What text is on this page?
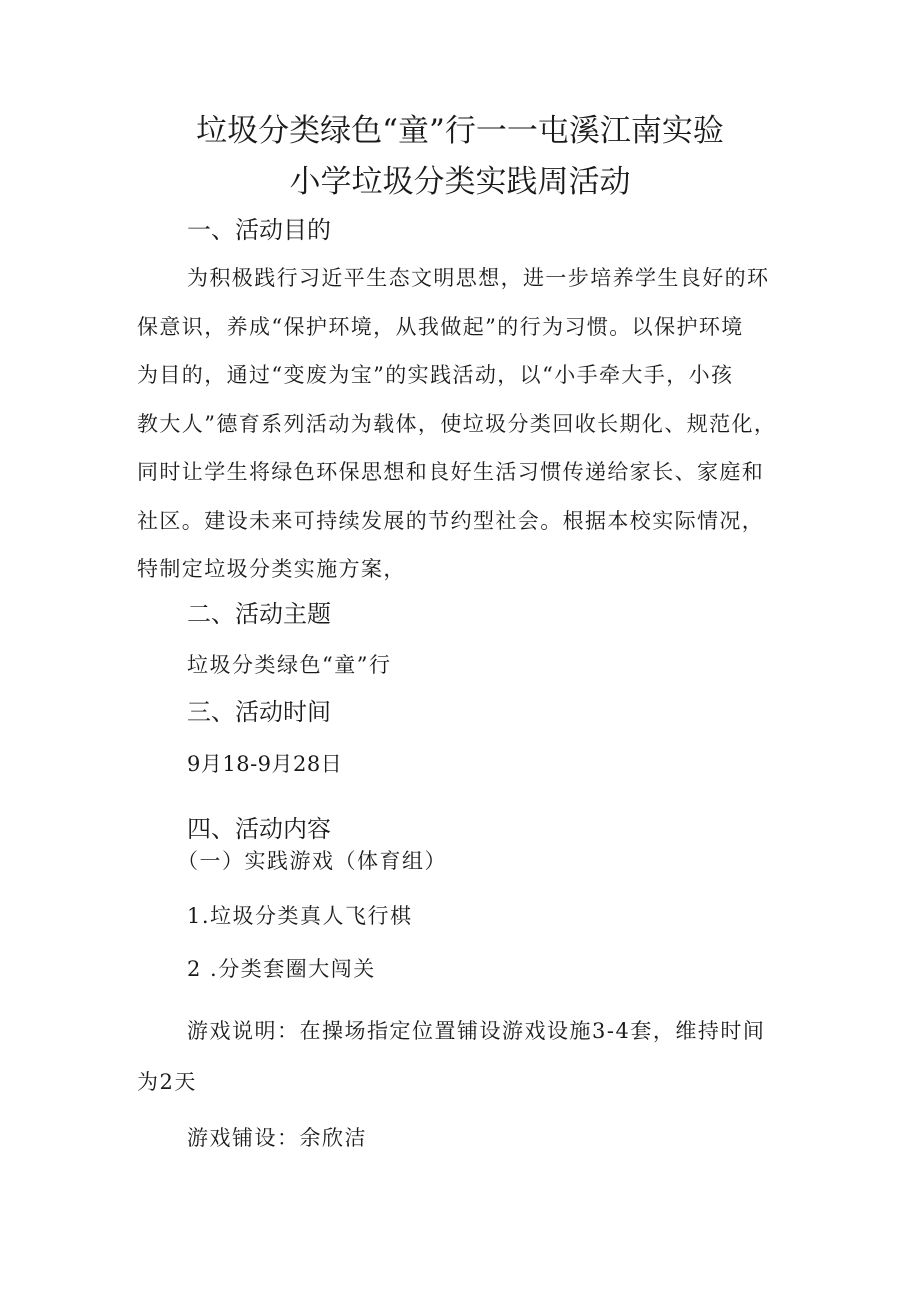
垃圾分类绿色“童”行一一屯溪江南实验
小学垃圾分类实践周活动
一、活动目的
为积极践行习近平生态文明思想，进一步培养学生良好的环
保意识，养成“保护环境，从我做起”的行为习惯。以保护环境
为目的，通过“变废为宝”的实践活动，以“小手牵大手，小孩
教大人”德育系列活动为载体，使垃圾分类回收长期化、规范化，
同时让学生将绿色环保思想和良好生活习惯传递给家长、家庭和
社区。建设未来可持续发展的节约型社会。根据本校实际情况，
特制定垃圾分类实施方案，
二、活动主题
垃圾分类绿色“童”行
三、活动时间
9月18-9月28日
四、活动内容
（一）实践游戏（体育组）
1.垃圾分类真人飞行棋
2 .分类套圈大闯关
游戏说明：在操场指定位置铺设游戏设施3-4套，维持时间
为2天
游戏铺设：余欣洁
